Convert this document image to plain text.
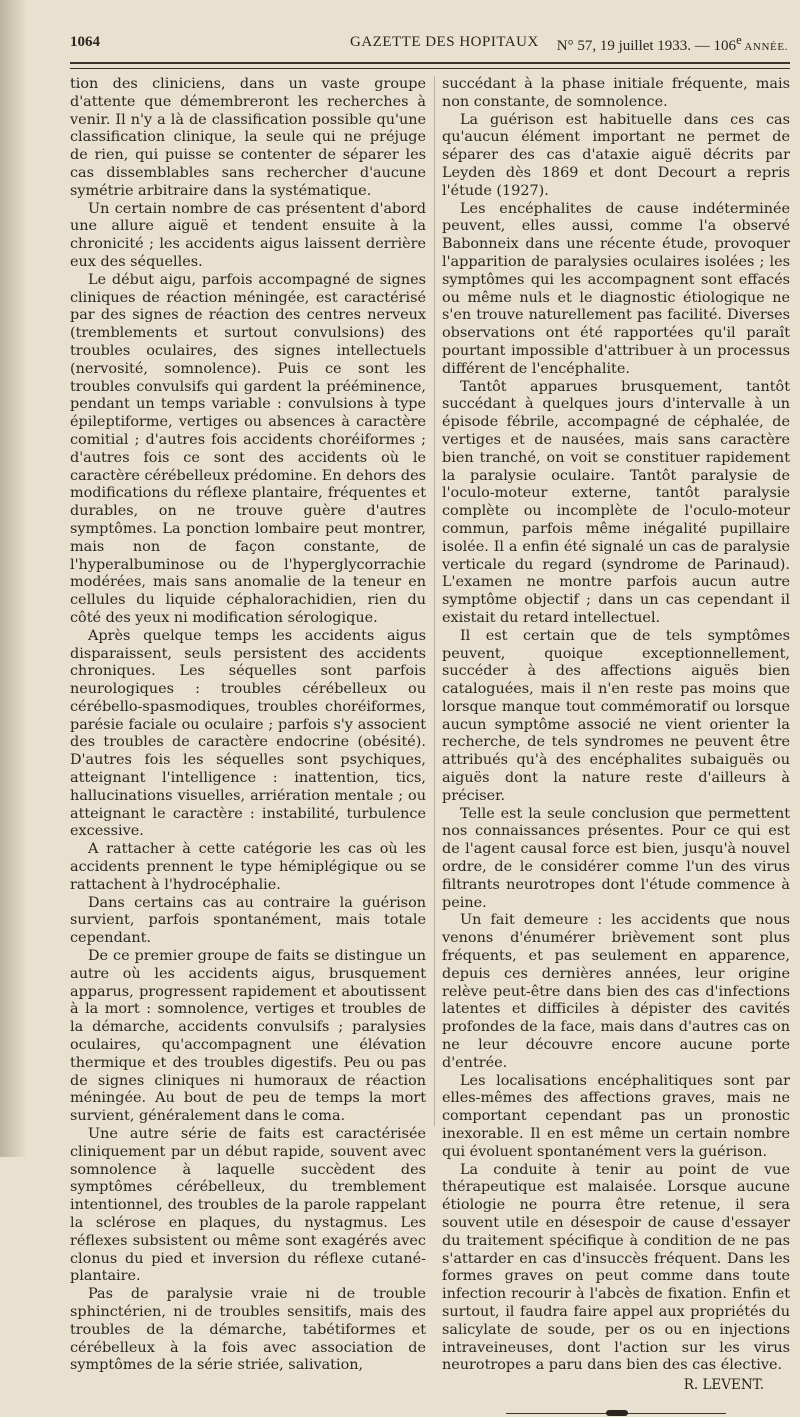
1064	GAZETTE DES HOPITAUX N° 57, 19 juillet 1933. — 106e ANNÉE.

tion des cliniciens, dans un vaste groupe d'attente que démembreront les recherches à venir. Il n'y a là de classification possible qu'une classification clinique, la seule qui ne préjuge de rien, qui puisse se contenter de séparer les cas dissemblables sans rechercher d'aucune symétrie arbitraire dans la systématique.

Un certain nombre de cas présentent d'abord une allure aiguë et tendent ensuite à la chronicité ; les accidents aigus laissent derrière eux des séquelles.

Le début aigu, parfois accompagné de signes cliniques de réaction méningée, est caractérisé par des signes de réaction des centres nerveux (tremblements et surtout convulsions) des troubles oculaires, des signes intellectuels (nervosité, somnolence). Puis ce sont les troubles convulsifs qui gardent la prééminence, pendant un temps variable : convulsions à type épileptiforme, vertiges ou absences à caractère comitial ; d'autres fois accidents choréiformes ; d'autres fois ce sont des accidents où le caractère cérébelleux prédomine. En dehors des modifications du réflexe plantaire, fréquentes et durables, on ne trouve guère d'autres symptômes. La ponction lombaire peut montrer, mais non de façon constante, de l'hyperalbuminose ou de l'hyperglycorrachie modérées, mais sans anomalie de la teneur en cellules du liquide céphalorachidien, rien du côté des yeux ni modification sérologique.

Après quelque temps les accidents aigus disparaissent, seuls persistent des accidents chroniques. Les séquelles sont parfois neurologiques : troubles cérébelleux ou cérébello-spasmodiques, troubles choréiformes, parésie faciale ou oculaire ; parfois s'y associent des troubles de caractère endocrine (obésité). D'autres fois les séquelles sont psychiques, atteignant l'intelligence : inattention, tics, hallucinations visuelles, arriération mentale ; ou atteignant le caractère : instabilité, turbulence excessive.

A rattacher à cette catégorie les cas où les accidents prennent le type hémiplégique ou se rattachent à l'hydrocéphalie.

Dans certains cas au contraire la guérison survient, parfois spontanément, mais totale cependant.

De ce premier groupe de faits se distingue un autre où les accidents aigus, brusquement apparus, progressent rapidement et aboutissent à la mort : somnolence, vertiges et troubles de la démarche, accidents convulsifs ; paralysies oculaires, qu'accompagnent une élévation thermique et des troubles digestifs. Peu ou pas de signes cliniques ni humoraux de réaction méningée. Au bout de peu de temps la mort survient, généralement dans le coma.

Une autre série de faits est caractérisée cliniquement par un début rapide, souvent avec somnolence à laquelle succèdent des symptômes cérébelleux, du tremblement intentionnel, des troubles de la parole rappelant la sclérose en plaques, du nystagmus. Les réflexes subsistent ou même sont exagérés avec clonus du pied et inversion du réflexe cutané-plantaire.

Pas de paralysie vraie ni de trouble sphinctérien, ni de troubles sensitifs, mais des troubles de la démarche, tabétiformes et cérébelleux à la fois avec association de symptômes de la série striée, salivation,

succédant à la phase initiale fréquente, mais non constante, de somnolence.

La guérison est habituelle dans ces cas qu'aucun élément important ne permet de séparer des cas d'ataxie aiguë décrits par Leyden dès 1869 et dont Decourt a repris l'étude (1927).

Les encéphalites de cause indéterminée peuvent, elles aussi, comme l'a observé Babonneix dans une récente étude, provoquer l'apparition de paralysies oculaires isolées ; les symptômes qui les accompagnent sont effacés ou même nuls et le diagnostic étiologique ne s'en trouve naturellement pas facilité. Diverses observations ont été rapportées qu'il paraît pourtant impossible d'attribuer à un processus différent de l'encéphalite.

Tantôt apparues brusquement, tantôt succédant à quelques jours d'intervalle à un épisode fébrile, accompagné de céphalée, de vertiges et de nausées, mais sans caractère bien tranché, on voit se constituer rapidement la paralysie oculaire. Tantôt paralysie de l'oculo-moteur externe, tantôt paralysie complète ou incomplète de l'oculo-moteur commun, parfois même inégalité pupillaire isolée. Il a enfin été signalé un cas de paralysie verticale du regard (syndrome de Parinaud). L'examen ne montre parfois aucun autre symptôme objectif ; dans un cas cependant il existait du retard intellectuel.

Il est certain que de tels symptômes peuvent, quoique exceptionnellement, succéder à des affections aiguës bien cataloguées, mais il n'en reste pas moins que lorsque manque tout commémoratif ou lorsque aucun symptôme associé ne vient orienter la recherche, de tels syndromes ne peuvent être attribués qu'à des encéphalites subaiguës ou aiguës dont la nature reste d'ailleurs à préciser.

Telle est la seule conclusion que permettent nos connaissances présentes. Pour ce qui est de l'agent causal force est bien, jusqu'à nouvel ordre, de le considérer comme l'un des virus filtrants neurotropes dont l'étude commence à peine.

Un fait demeure : les accidents que nous venons d'énumérer brièvement sont plus fréquents, et pas seulement en apparence, depuis ces dernières années, leur origine relève peut-être dans bien des cas d'infections latentes et difficiles à dépister des cavités profondes de la face, mais dans d'autres cas on ne leur découvre encore aucune porte d'entrée.

Les localisations encéphalitiques sont par elles-mêmes des affections graves, mais ne comportant cependant pas un pronostic inexorable. Il en est même un certain nombre qui évoluent spontanément vers la guérison.

La conduite à tenir au point de vue thérapeutique est malaisée. Lorsque aucune étiologie ne pourra être retenue, il sera souvent utile en désespoir de cause d'essayer du traitement spécifique à condition de ne pas s'attarder en cas d'insuccès fréquent. Dans les formes graves on peut comme dans toute infection recourir à l'abcès de fixation. Enfin et surtout, il faudra faire appel aux propriétés du salicylate de soude, per os ou en injections intraveineuses, dont l'action sur les virus neurotropes a paru dans bien des cas élective.

R. LEVENT.
